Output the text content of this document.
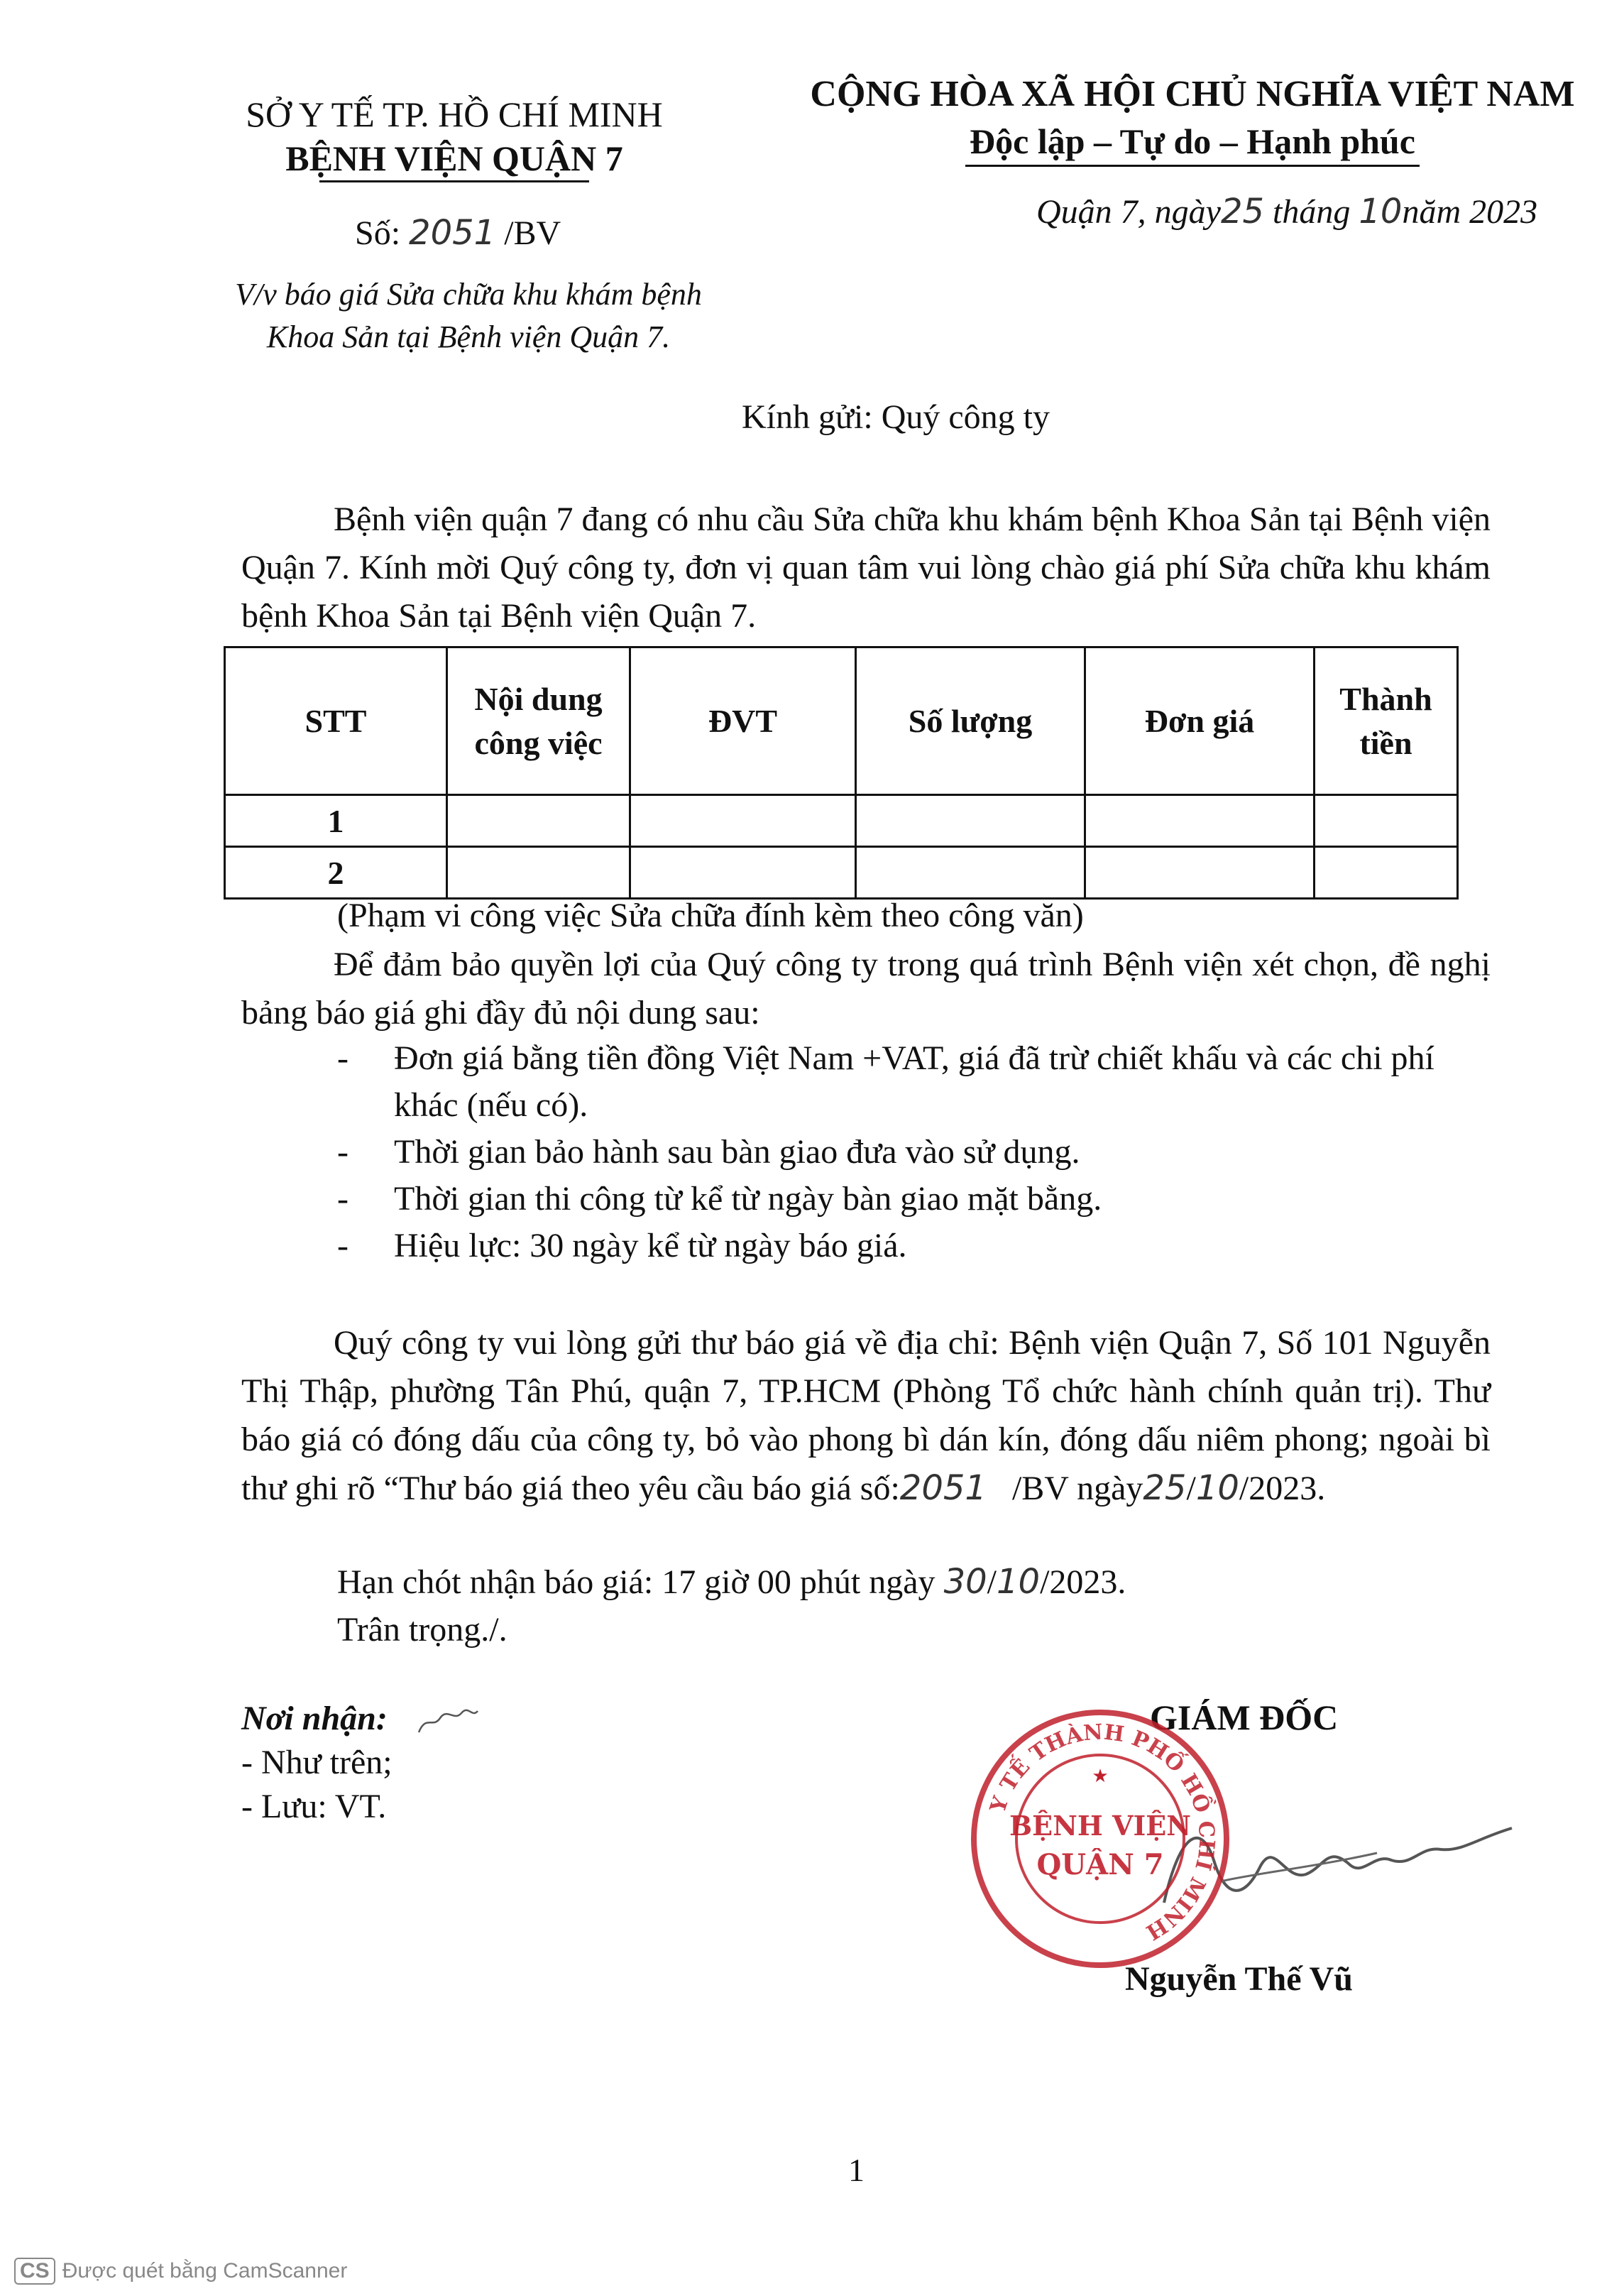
SỞ Y TẾ TP. HỒ CHÍ MINH
BỆNH VIỆN QUẬN 7
CỘNG HÒA XÃ HỘI CHỦ NGHĨA VIỆT NAM
Độc lập – Tự do – Hạnh phúc
Số: 2051 /BV
Quận 7, ngày25 tháng 10năm 2023
V/v báo giá Sửa chữa khu khám bệnh
Khoa Sản tại Bệnh viện Quận 7.
Kính gửi: Quý công ty
Bệnh viện quận 7 đang có nhu cầu Sửa chữa khu khám bệnh Khoa Sản tại Bệnh viện Quận 7. Kính mời Quý công ty, đơn vị quan tâm vui lòng chào giá phí Sửa chữa khu khám bệnh Khoa Sản tại Bệnh viện Quận 7.
STT	Nội dung công việc	ĐVT	Số lượng	Đơn giá	Thành tiền
1					
2					
(Phạm vi công việc Sửa chữa đính kèm theo công văn)
Để đảm bảo quyền lợi của Quý công ty trong quá trình Bệnh viện xét chọn, đề nghị bảng báo giá ghi đầy đủ nội dung sau:
- Đơn giá bằng tiền đồng Việt Nam +VAT, giá đã trừ chiết khấu và các chi phí khác (nếu có).
- Thời gian bảo hành sau bàn giao đưa vào sử dụng.
- Thời gian thi công từ kể từ ngày bàn giao mặt bằng.
- Hiệu lực: 30 ngày kể từ ngày báo giá.
Quý công ty vui lòng gửi thư báo giá về địa chỉ: Bệnh viện Quận 7, Số 101 Nguyễn Thị Thập, phường Tân Phú, quận 7, TP.HCM (Phòng Tổ chức hành chính quản trị). Thư báo giá có đóng dấu của công ty, bỏ vào phong bì dán kín, đóng dấu niêm phong; ngoài bì thư ghi rõ “Thư báo giá theo yêu cầu báo giá số:2051 /BV ngày25/10/2023.
Hạn chót nhận báo giá: 17 giờ 00 phút ngày 30/10/2023.
Trân trọng./.
Nơi nhận:
- Như trên;
- Lưu: VT.
GIÁM ĐỐC
Y TẾ THÀNH PHỐ HỒ CHÍ MINH
BỆNH VIỆN
QUẬN 7
★
Nguyễn Thế Vũ
1
CS Được quét bằng CamScanner
